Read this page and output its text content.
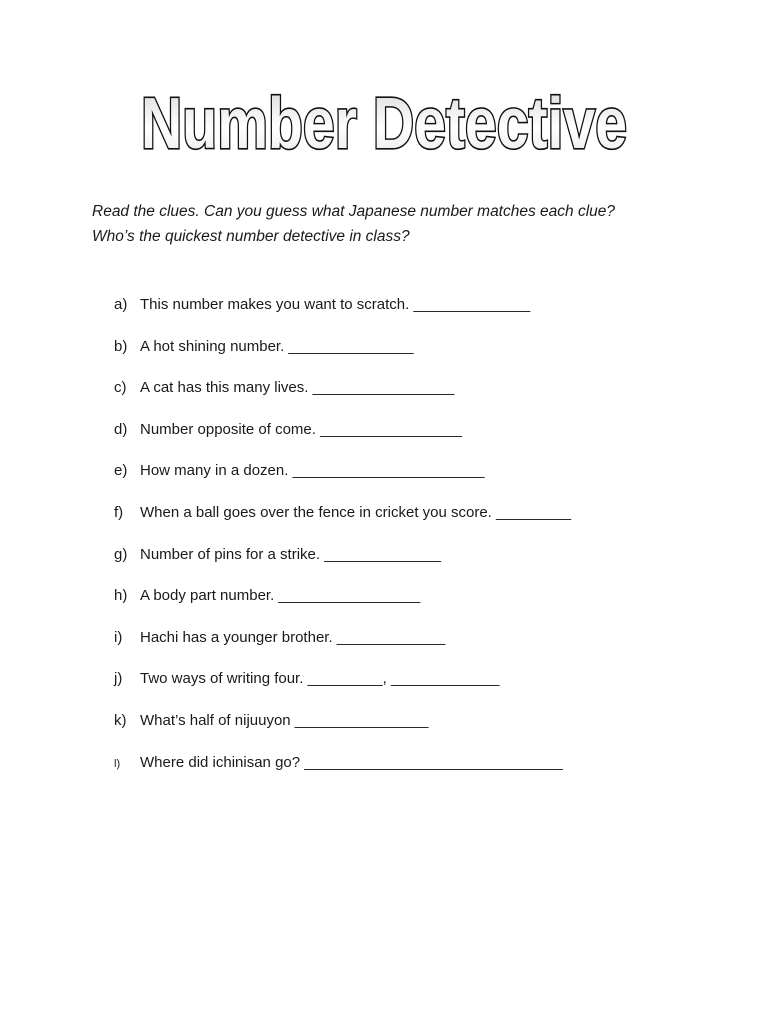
Number Detective

Read the clues. Can you guess what Japanese number matches each clue?

Who’s the quickest number detective in class?

a) This number makes you want to scratch. ______________
b) A hot shining number. _______________
c) A cat has this many lives. _________________
d) Number opposite of come. _________________
e) How many in a dozen. _______________________
f)	When a ball goes over the fence in cricket you score. _________
g) Number of pins for a strike. ______________
h) A body part number. _________________
i)	Hachi has a younger brother. _____________
j)	Two ways of writing four. _________, _____________
k) What’s half of nijuuyon ________________
l)	Where did ichinisan go? _______________________________
